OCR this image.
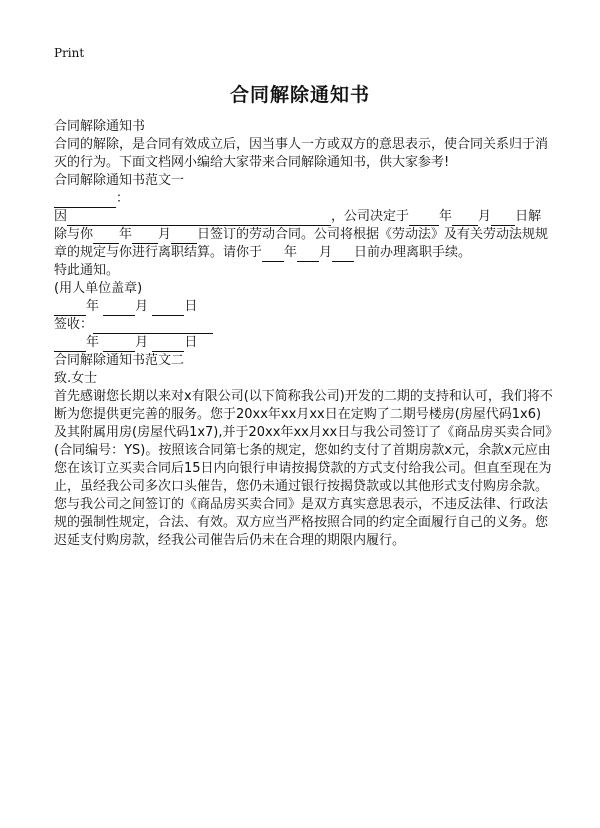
Print
合同解除通知书

合同解除通知书

合同的解除，是合同有效成立后，因当事人一方或双方的意思表示，使合同关系归于消灭的行为。下面文档网小编给大家带来合同解除通知书，供大家参考!

合同解除通知书范文一

：

因	，公司决定于 年 月 日解除与你 年 月 日签订的劳动合同。公司将根据《劳动法》及有关劳动法规规章的规定与你进行离职结算。请你于 年 月 日前办理离职手续。

特此通知。

(用人单位盖章)

年	月	日

签收：

年	月	日

合同解除通知书范文二

致.女士

首先感谢您长期以来对x有限公司(以下简称我公司)开发的二期的支持和认可，我们将不断为您提供更完善的服务。您于20xx年xx月xx日在定购了二期号楼房(房屋代码1x6)及其附属用房(房屋代码1x7),并于20xx年xx月xx日与我公司签订了《商品房买卖合同》(合同编号：YS)。按照该合同第七条的规定，您如约支付了首期房款x元，余款x元应由您在该订立买卖合同后15日内向银行申请按揭贷款的方式支付给我公司。但直至现在为止，虽经我公司多次口头催告，您仍未通过银行按揭贷款或以其他形式支付购房余款。您与我公司之间签订的《商品房买卖合同》是双方真实意思表示，不违反法律、行政法规的强制性规定，合法、有效。双方应当严格按照合同的约定全面履行自己的义务。您迟延支付购房款，经我公司催告后仍未在合理的期限内履行。
